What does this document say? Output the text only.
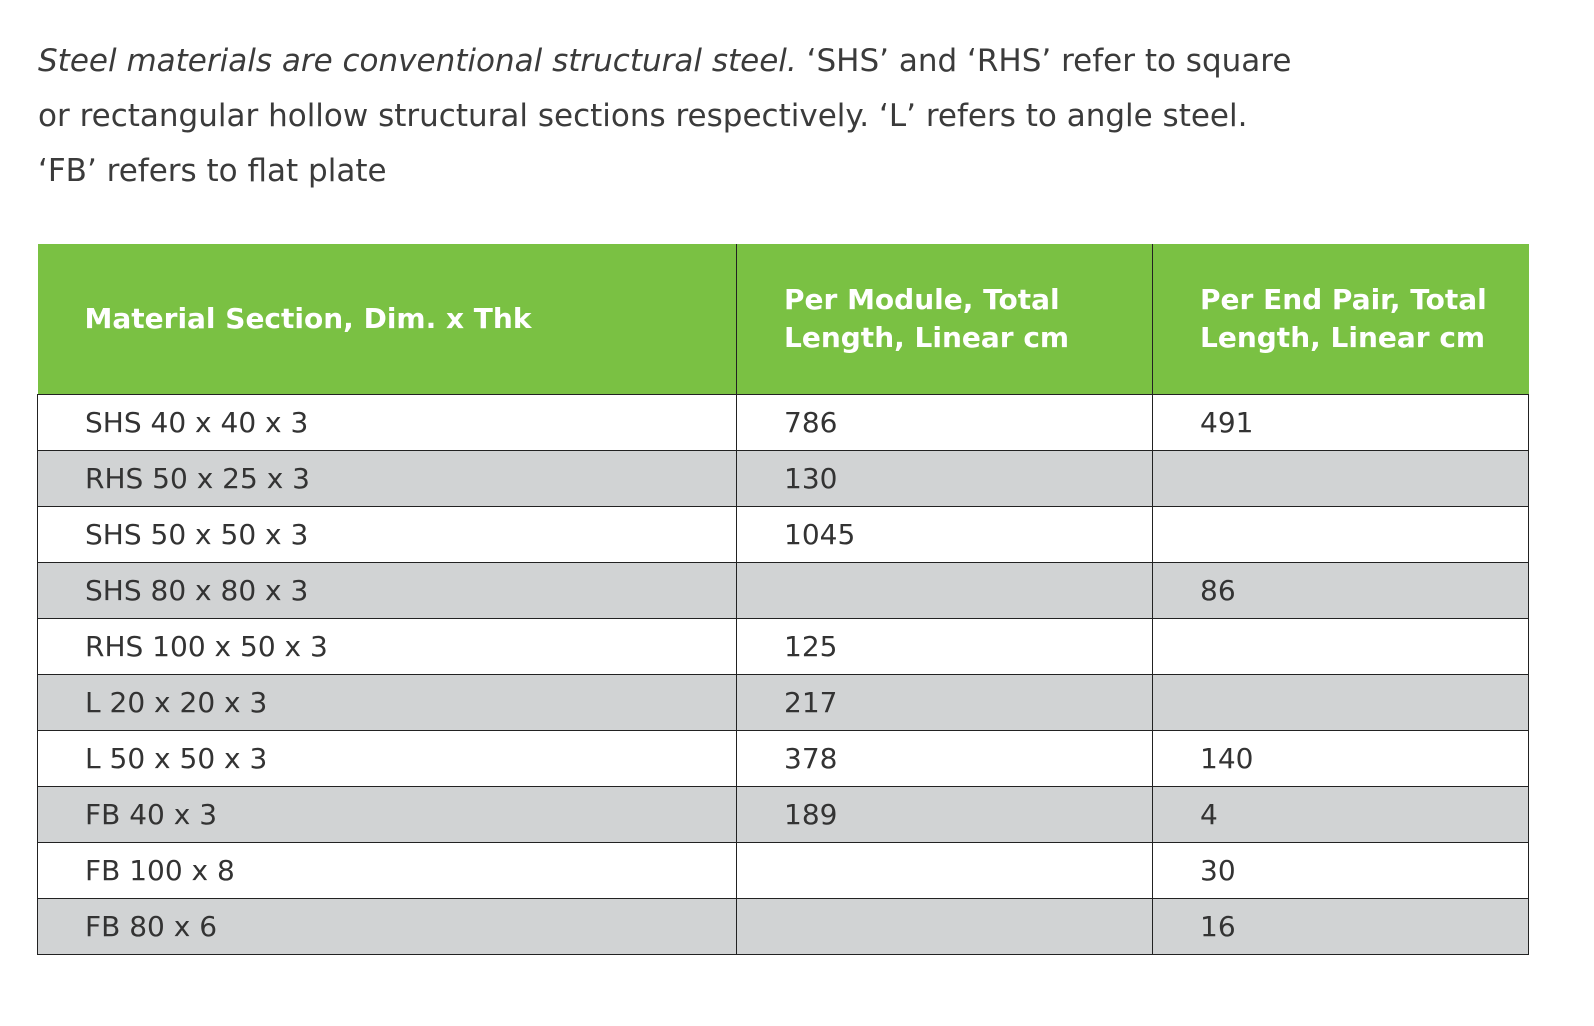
Steel materials are conventional structural steel. ‘SHS’ and ‘RHS’ refer to square
or rectangular hollow structural sections respectively. ‘L’ refers to angle steel.
‘FB’ refers to flat plate

Material Section, Dim. x Thk	Per Module, Total Length, Linear cm	Per End Pair, Total Length, Linear cm
SHS 40 x 40 x 3	786	491
RHS 50 x 25 x 3	130	
SHS 50 x 50 x 3	1045	
SHS 80 x 80 x 3		86
RHS 100 x 50 x 3	125	
L 20 x 20 x 3	217	
L 50 x 50 x 3	378	140
FB 40 x 3	189	4
FB 100 x 8		30
FB 80 x 6		16
